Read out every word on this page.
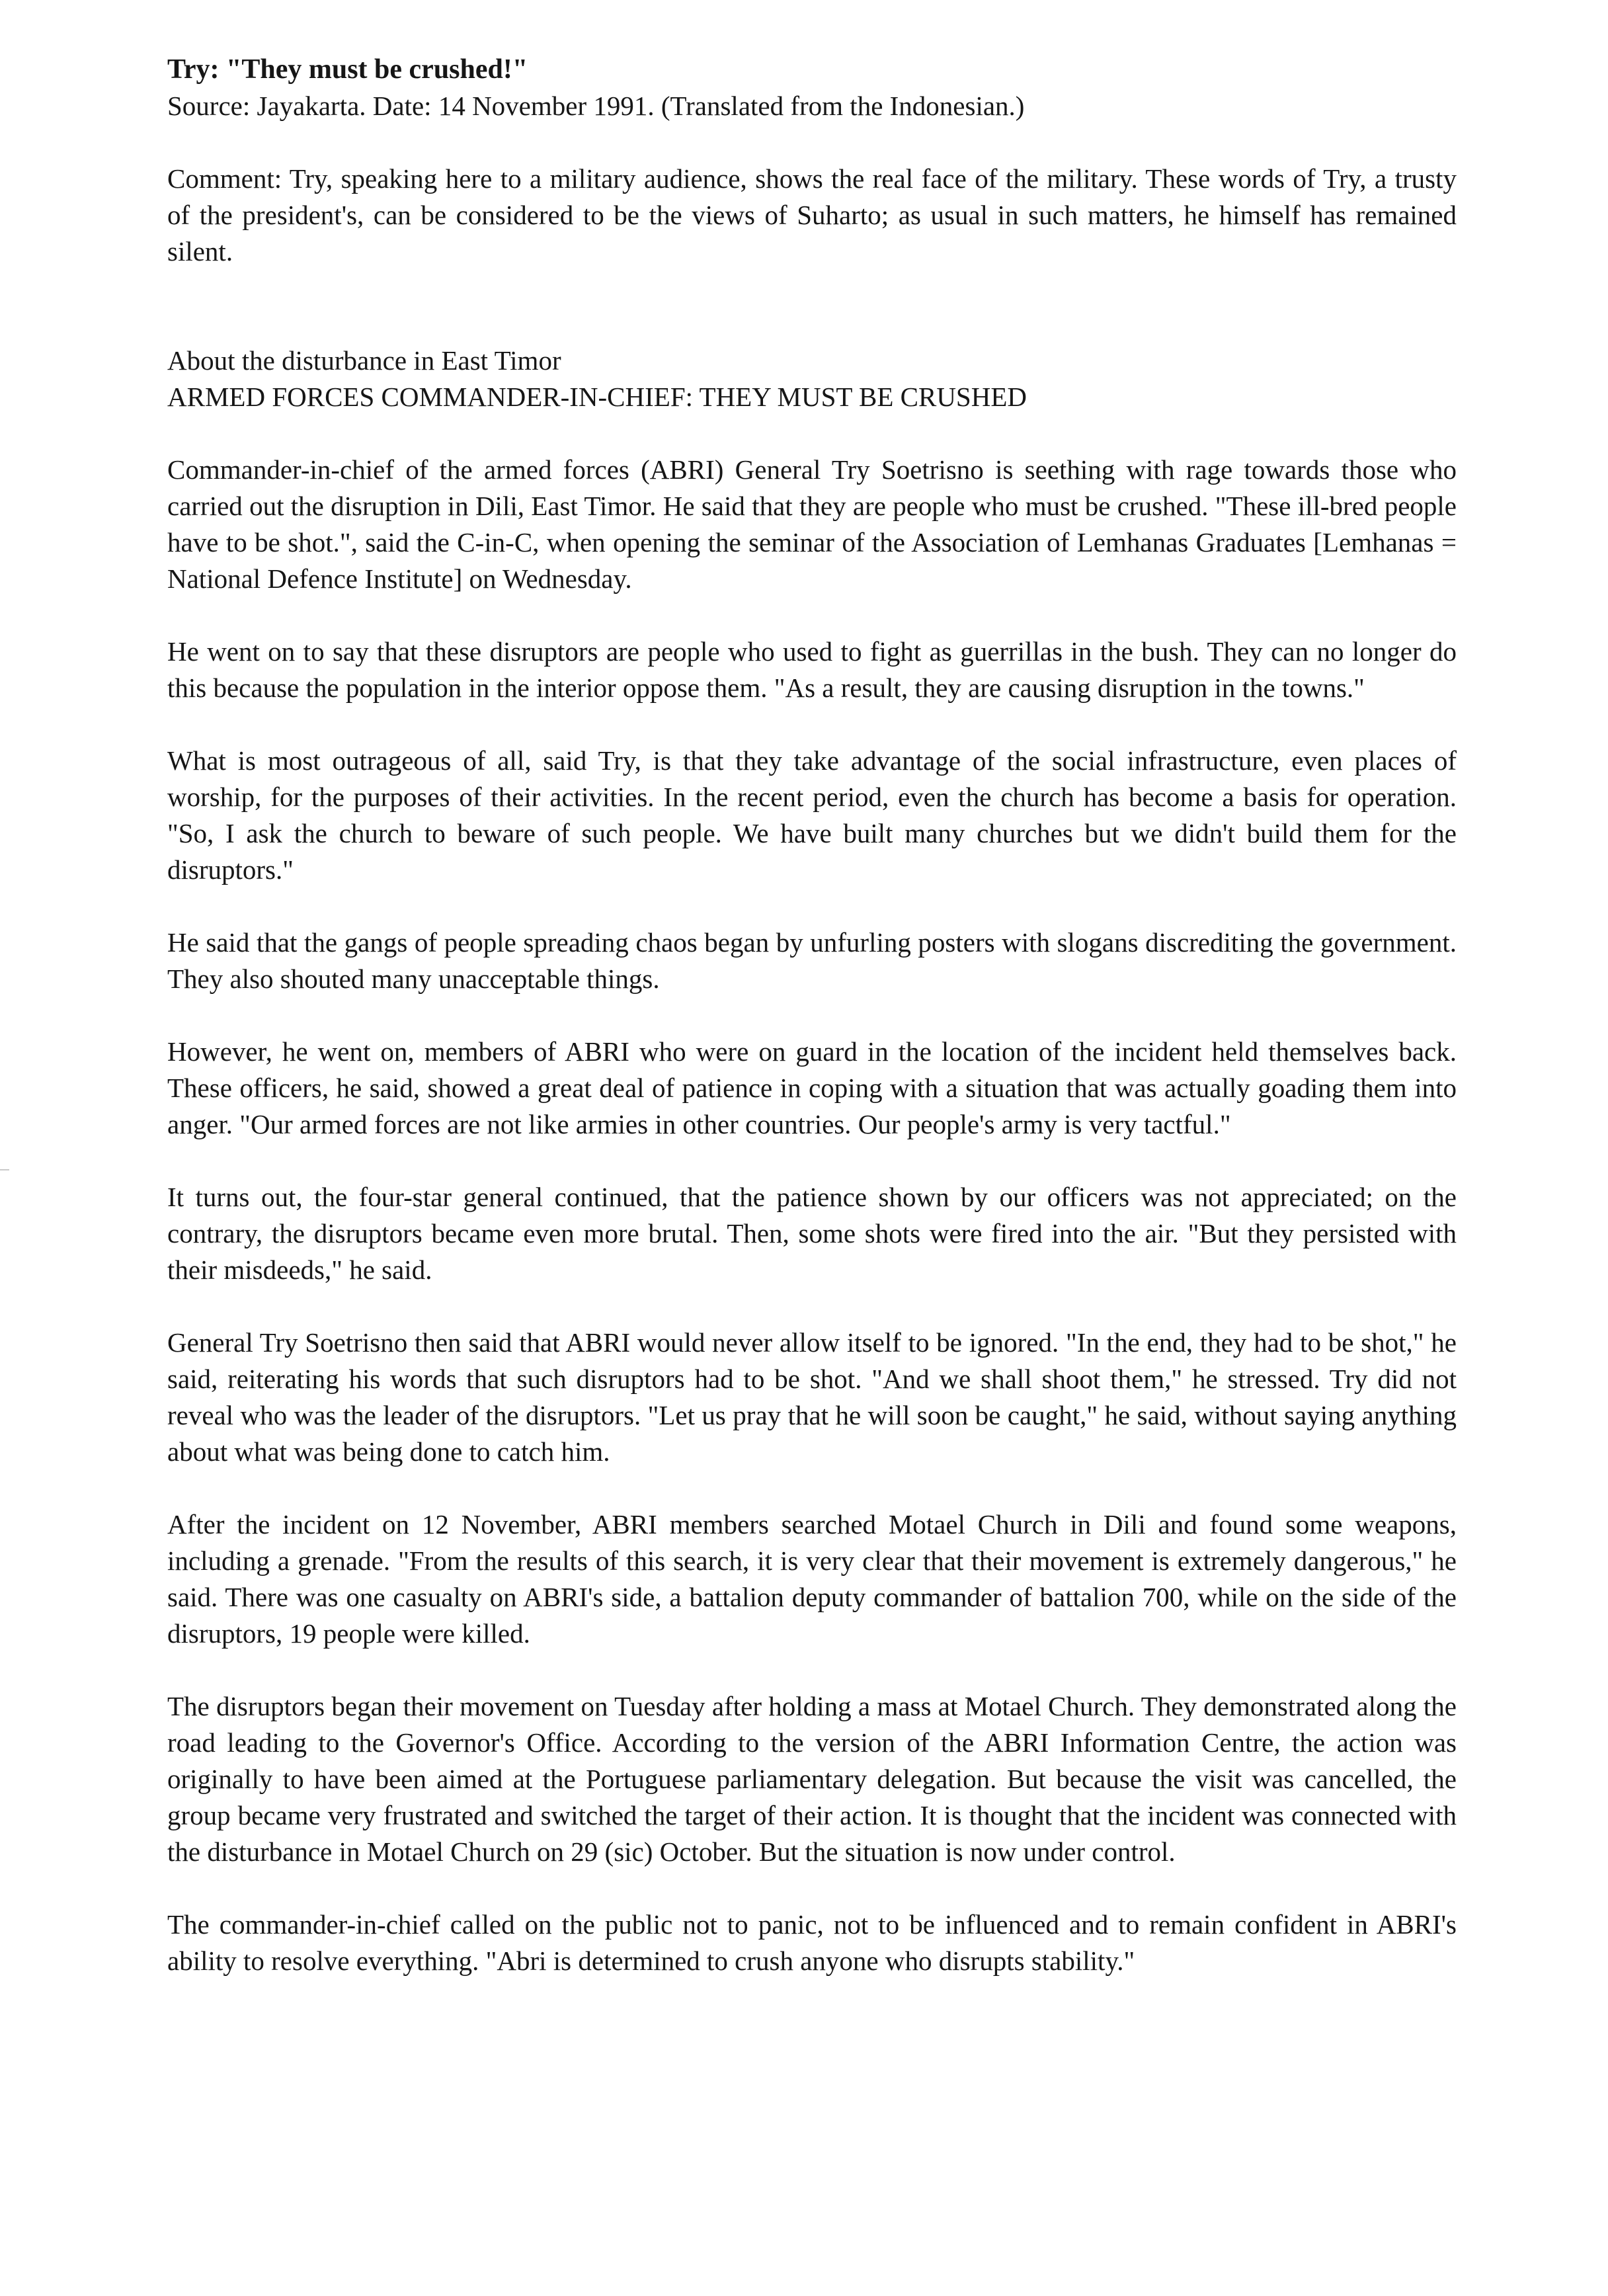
Try: "They must be crushed!"

Source: Jayakarta. Date: 14 November 1991. (Translated from the Indonesian.)

Comment: Try, speaking here to a military audience, shows the real face of the military. These words of Try, a trusty of the president's, can be considered to be the views of Suharto; as usual in such matters, he himself has remained silent.

About the disturbance in East Timor

ARMED FORCES COMMANDER-IN-CHIEF: THEY MUST BE CRUSHED

Commander-in-chief of the armed forces (ABRI) General Try Soetrisno is seething with rage towards those who carried out the disruption in Dili, East Timor. He said that they are people who must be crushed. "These ill-bred people have to be shot.", said the C-in-C, when opening the seminar of the Association of Lemhanas Graduates [Lemhanas = National Defence Institute] on Wednesday.

He went on to say that these disruptors are people who used to fight as guerrillas in the bush. They can no longer do this because the population in the interior oppose them. "As a result, they are causing disruption in the towns."

What is most outrageous of all, said Try, is that they take advantage of the social infrastructure, even places of worship, for the purposes of their activities. In the recent period, even the church has become a basis for operation. "So, I ask the church to beware of such people. We have built many churches but we didn't build them for the disruptors."

He said that the gangs of people spreading chaos began by unfurling posters with slogans discrediting the government. They also shouted many unacceptable things.

However, he went on, members of ABRI who were on guard in the location of the incident held themselves back. These officers, he said, showed a great deal of patience in coping with a situation that was actually goading them into anger. "Our armed forces are not like armies in other countries. Our people's army is very tactful."

It turns out, the four-star general continued, that the patience shown by our officers was not appreciated; on the contrary, the disruptors became even more brutal. Then, some shots were fired into the air. "But they persisted with their misdeeds," he said.

General Try Soetrisno then said that ABRI would never allow itself to be ignored. "In the end, they had to be shot," he said, reiterating his words that such disruptors had to be shot. "And we shall shoot them," he stressed. Try did not reveal who was the leader of the disruptors. "Let us pray that he will soon be caught," he said, without saying anything about what was being done to catch him.

After the incident on 12 November, ABRI members searched Motael Church in Dili and found some weapons, including a grenade. "From the results of this search, it is very clear that their movement is extremely dangerous," he said. There was one casualty on ABRI's side, a battalion deputy commander of battalion 700, while on the side of the disruptors, 19 people were killed.

The disruptors began their movement on Tuesday after holding a mass at Motael Church. They demonstrated along the road leading to the Governor's Office. According to the version of the ABRI Information Centre, the action was originally to have been aimed at the Portuguese parliamentary delegation. But because the visit was cancelled, the group became very frustrated and switched the target of their action. It is thought that the incident was connected with the disturbance in Motael Church on 29 (sic) October. But the situation is now under control.

The commander-in-chief called on the public not to panic, not to be influenced and to remain confident in ABRI's ability to resolve everything. "Abri is determined to crush anyone who disrupts stability."
